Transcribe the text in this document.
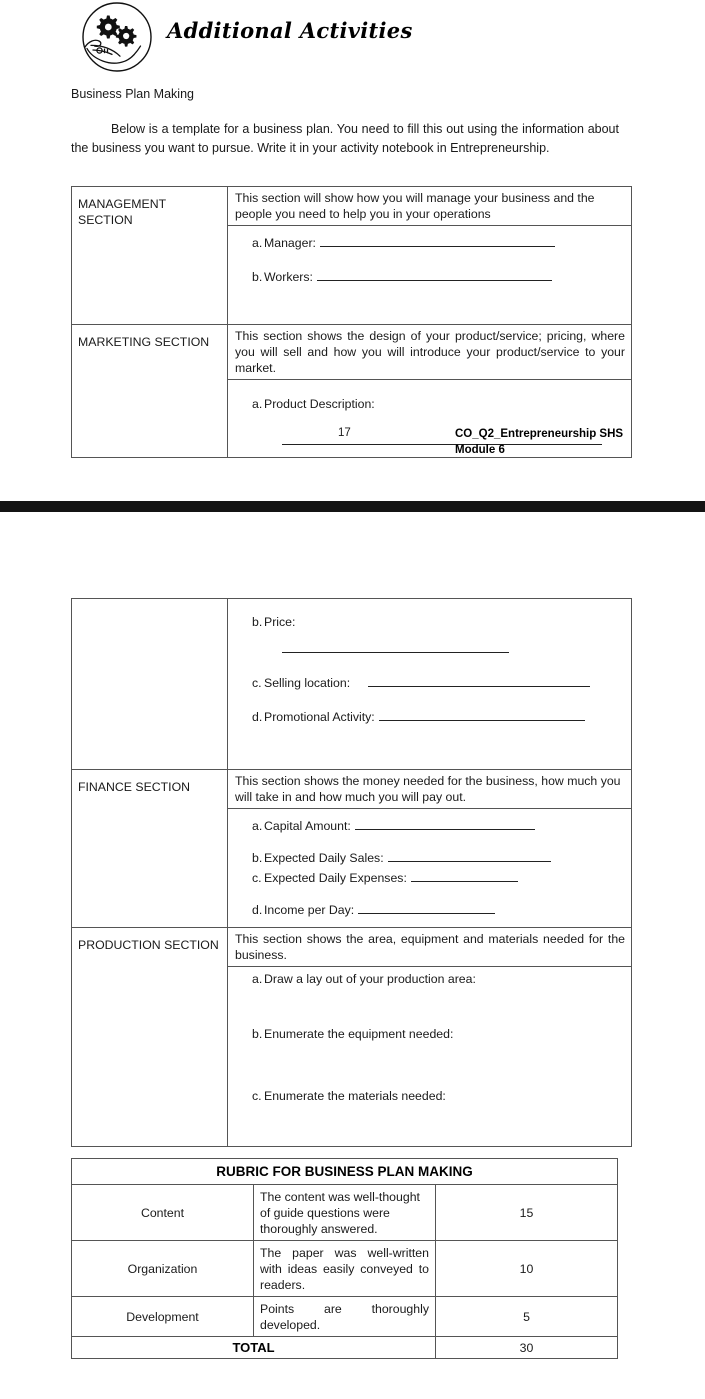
Additional Activities
Business Plan Making
Below is a template for a business plan. You need to fill this out using the information about the business you want to pursue. Write it in your activity notebook in Entrepreneurship.
MANAGEMENT SECTION	This section will show how you will manage your business and the people you need to help you in your operations
a. Manager:
b. Workers:

MARKETING SECTION	This section shows the design of your product/service; pricing, where you will sell and how you will introduce your product/service to your market.
a. Product Description:
17	CO_Q2_Entrepreneurship SHS
Module 6

b. Price:
c. Selling location:
d. Promotional Activity:

FINANCE SECTION	This section shows the money needed for the business, how much you will take in and how much you will pay out.
a. Capital Amount:
b. Expected Daily Sales:
c. Expected Daily Expenses:
d. Income per Day:

PRODUCTION SECTION	This section shows the area, equipment and materials needed for the business.
a. Draw a lay out of your production area:
b. Enumerate the equipment needed:
c. Enumerate the materials needed:
RUBRIC FOR BUSINESS PLAN MAKING		
Content	The content was well-thought of guide questions were thoroughly answered.	15
Organization	The paper was well-written with ideas easily conveyed to readers.	10
Development	Points are thoroughly developed.	5
TOTAL		30
